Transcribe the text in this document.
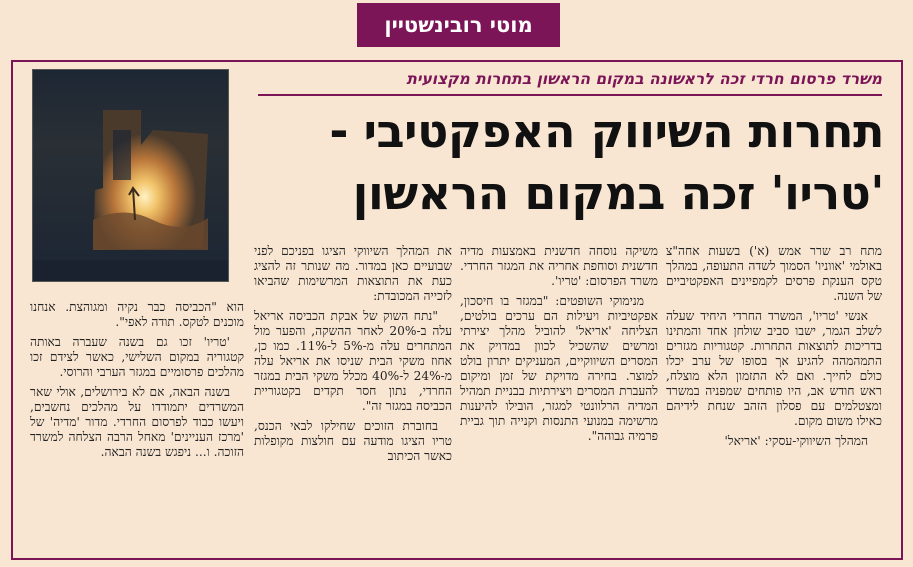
מוטי רובינשטיין
משרד פרסום חרדי זכה לראשונה במקום הראשון בתחרות מקצועית
תחרות השיווק האפקטיבי -
'טריו' זכה במקום הראשון

מתח רב שרר אמש (א') בשעות אחה"צ באולמי 'אווניו' הסמוך לשדה התעופה, במהלך טקס הענקת פרסים לקמפיינים האפקטיביים של השנה.

אנשי 'טריו', המשרד החרדי היחיד שעלה לשלב הגמר, ישבו סביב שולחן אחד והמתינו בדריכות לתוצאות התחרות. קטגוריות מגזרים התמהמהה להגיע אך בסופו של ערב יכלו כולם לחייך. ואם לא התזמון הלא מוצלח, ראש חודש אב, היו פותחים שמפניה במשרד ומצטלמים עם פסלון הזהב שנחת לידיהם כאילו משום מקום.

המהלך השיווקי-עסקי: 'אריאל'

משיקה נוסחה חדשנית באמצעות מדיה חדשנית וסוחפת אחריה את המגזר החרדי. משרד הפרסום: 'טריו'.

מנימוקי השופטים: "במגזר בו חיסכון, אפקטיביות ויעילות הם ערכים בולטים, הצליחה 'אריאל' להוביל מהלך יצירתי ומרשים שהשכיל לכוון במדויק את המסרים השיווקיים, המעניקים יתרון בולט למוצר. בחירה מדויקת של זמן ומיקום להעברת המסרים ויצירתיות בבניית תמהיל המדיה הרלוונטי למגזר, הובילו להיענות מרשימה במנועי התנסות וקנייה תוך גביית פרמיה גבוהה".

את המהלך השיווקי הציגו בפניכם לפני שבועיים כאן במדור. מה שנותר זה להציג כעת את התוצאות המרשימות שהביאו לזכייה המכובדת:

"נתח השוק של אבקת הכביסה אריאל עלה ב-20% לאחר ההשקה, והפער מול המתחרים עלה מ-5% ל-11%. כמו כן, אחוז משקי הבית שניסו את אריאל עלה מ-24% ל-40% מכלל משקי הבית במגזר החרדי, נתון חסר תקדים בקטגוריית הכביסה במגזר זה".

בחוברת הזוכים שחילקו לבאי הכנס, טריו הציגו מודעה עם חולצות מקופלות כאשר הכיתוב

הוא "הכביסה כבר נקיה ומגוהצת. אנחנו מוכנים לטקס. תודה לאפי".

'טריו' זכו גם בשנה שעברה באותה קטגוריה במקום השלישי, כאשר לצידם זכו מהלכים פרסומיים במגזר הערבי והרוסי.

בשנה הבאה, אם לא בירושלים, אולי שאר המשרדים יתמודדו על מהלכים נחשבים, ויעשו כבוד לפרסום החרדי. מדור 'מדיה' של 'מרכז העניינים' מאחל הרבה הצלחה למשרד הזוכה. ו... ניפגש בשנה הבאה.
